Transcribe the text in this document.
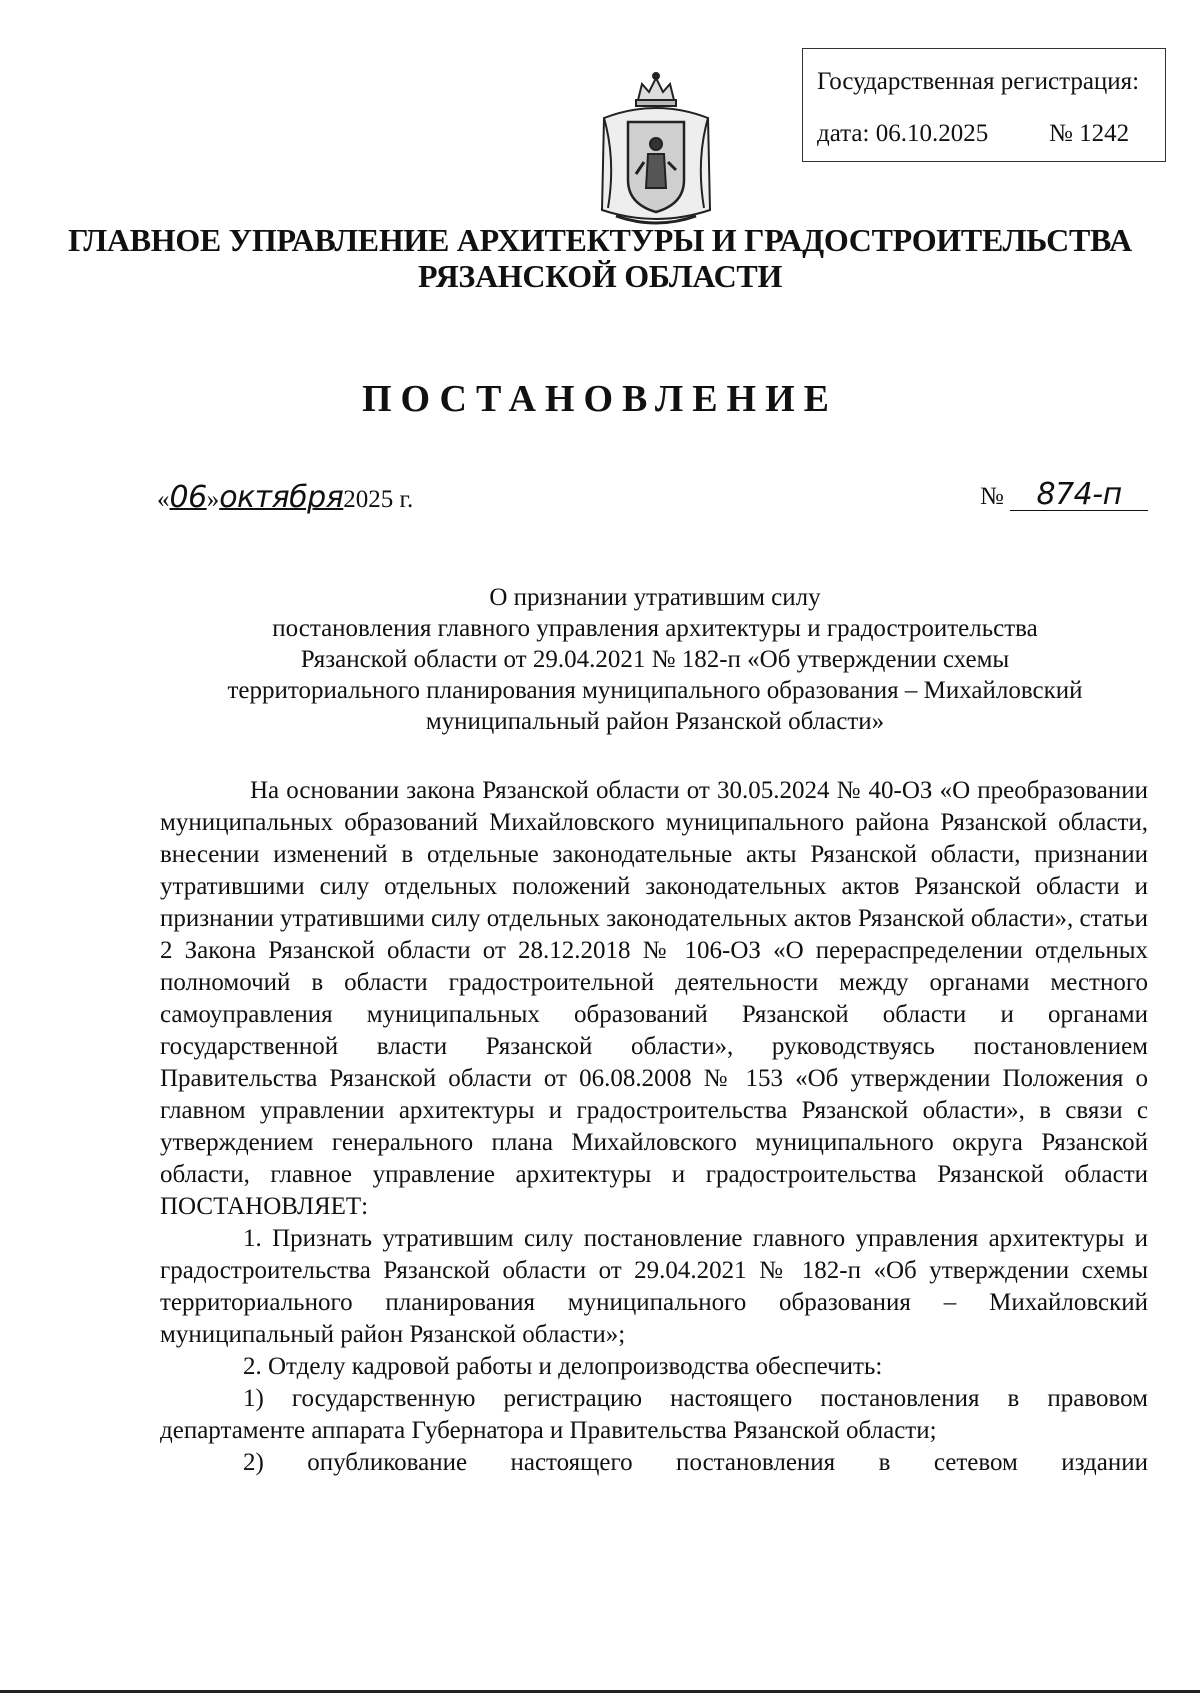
Государственная регистрация:
дата: 06.10.2025 № 1242
ГЛАВНОЕ УПРАВЛЕНИЕ АРХИТЕКТУРЫ И ГРАДОСТРОИТЕЛЬСТВА
РЯЗАНСКОЙ ОБЛАСТИ
ПОСТАНОВЛЕНИЕ
«06»октября2025 г.	№ 874-п
О признании утратившим силу
постановления главного управления архитектуры и градостроительства
Рязанской области от 29.04.2021 № 182-п «Об утверждении схемы
территориального планирования муниципального образования – Михайловский
муниципальный район Рязанской области»

На основании закона Рязанской области от 30.05.2024 № 40-ОЗ «О преобразовании муниципальных образований Михайловского муниципального района Рязанской области, внесении изменений в отдельные законодательные акты Рязанской области, признании утратившими силу отдельных положений законодательных актов Рязанской области и признании утратившими силу отдельных законодательных актов Рязанской области», статьи 2 Закона Рязанской области от 28.12.2018 № 106-ОЗ «О перераспределении отдельных полномочий в области градостроительной деятельности между органами местного самоуправления муниципальных образований Рязанской области и органами государственной власти Рязанской области», руководствуясь постановлением Правительства Рязанской области от 06.08.2008 № 153 «Об утверждении Положения о главном управлении архитектуры и градостроительства Рязанской области», в связи с утверждением генерального плана Михайловского муниципального округа Рязанской области, главное управление архитектуры и градостроительства Рязанской области ПОСТАНОВЛЯЕТ:

1. Признать утратившим силу постановление главного управления архитектуры и градостроительства Рязанской области от 29.04.2021 № 182-п «Об утверждении схемы территориального планирования муниципального образования – Михайловский муниципальный район Рязанской области»;

2. Отделу кадровой работы и делопроизводства обеспечить:

1) государственную регистрацию настоящего постановления в правовом департаменте аппарата Губернатора и Правительства Рязанской области;

2) опубликование настоящего постановления в сетевом издании
